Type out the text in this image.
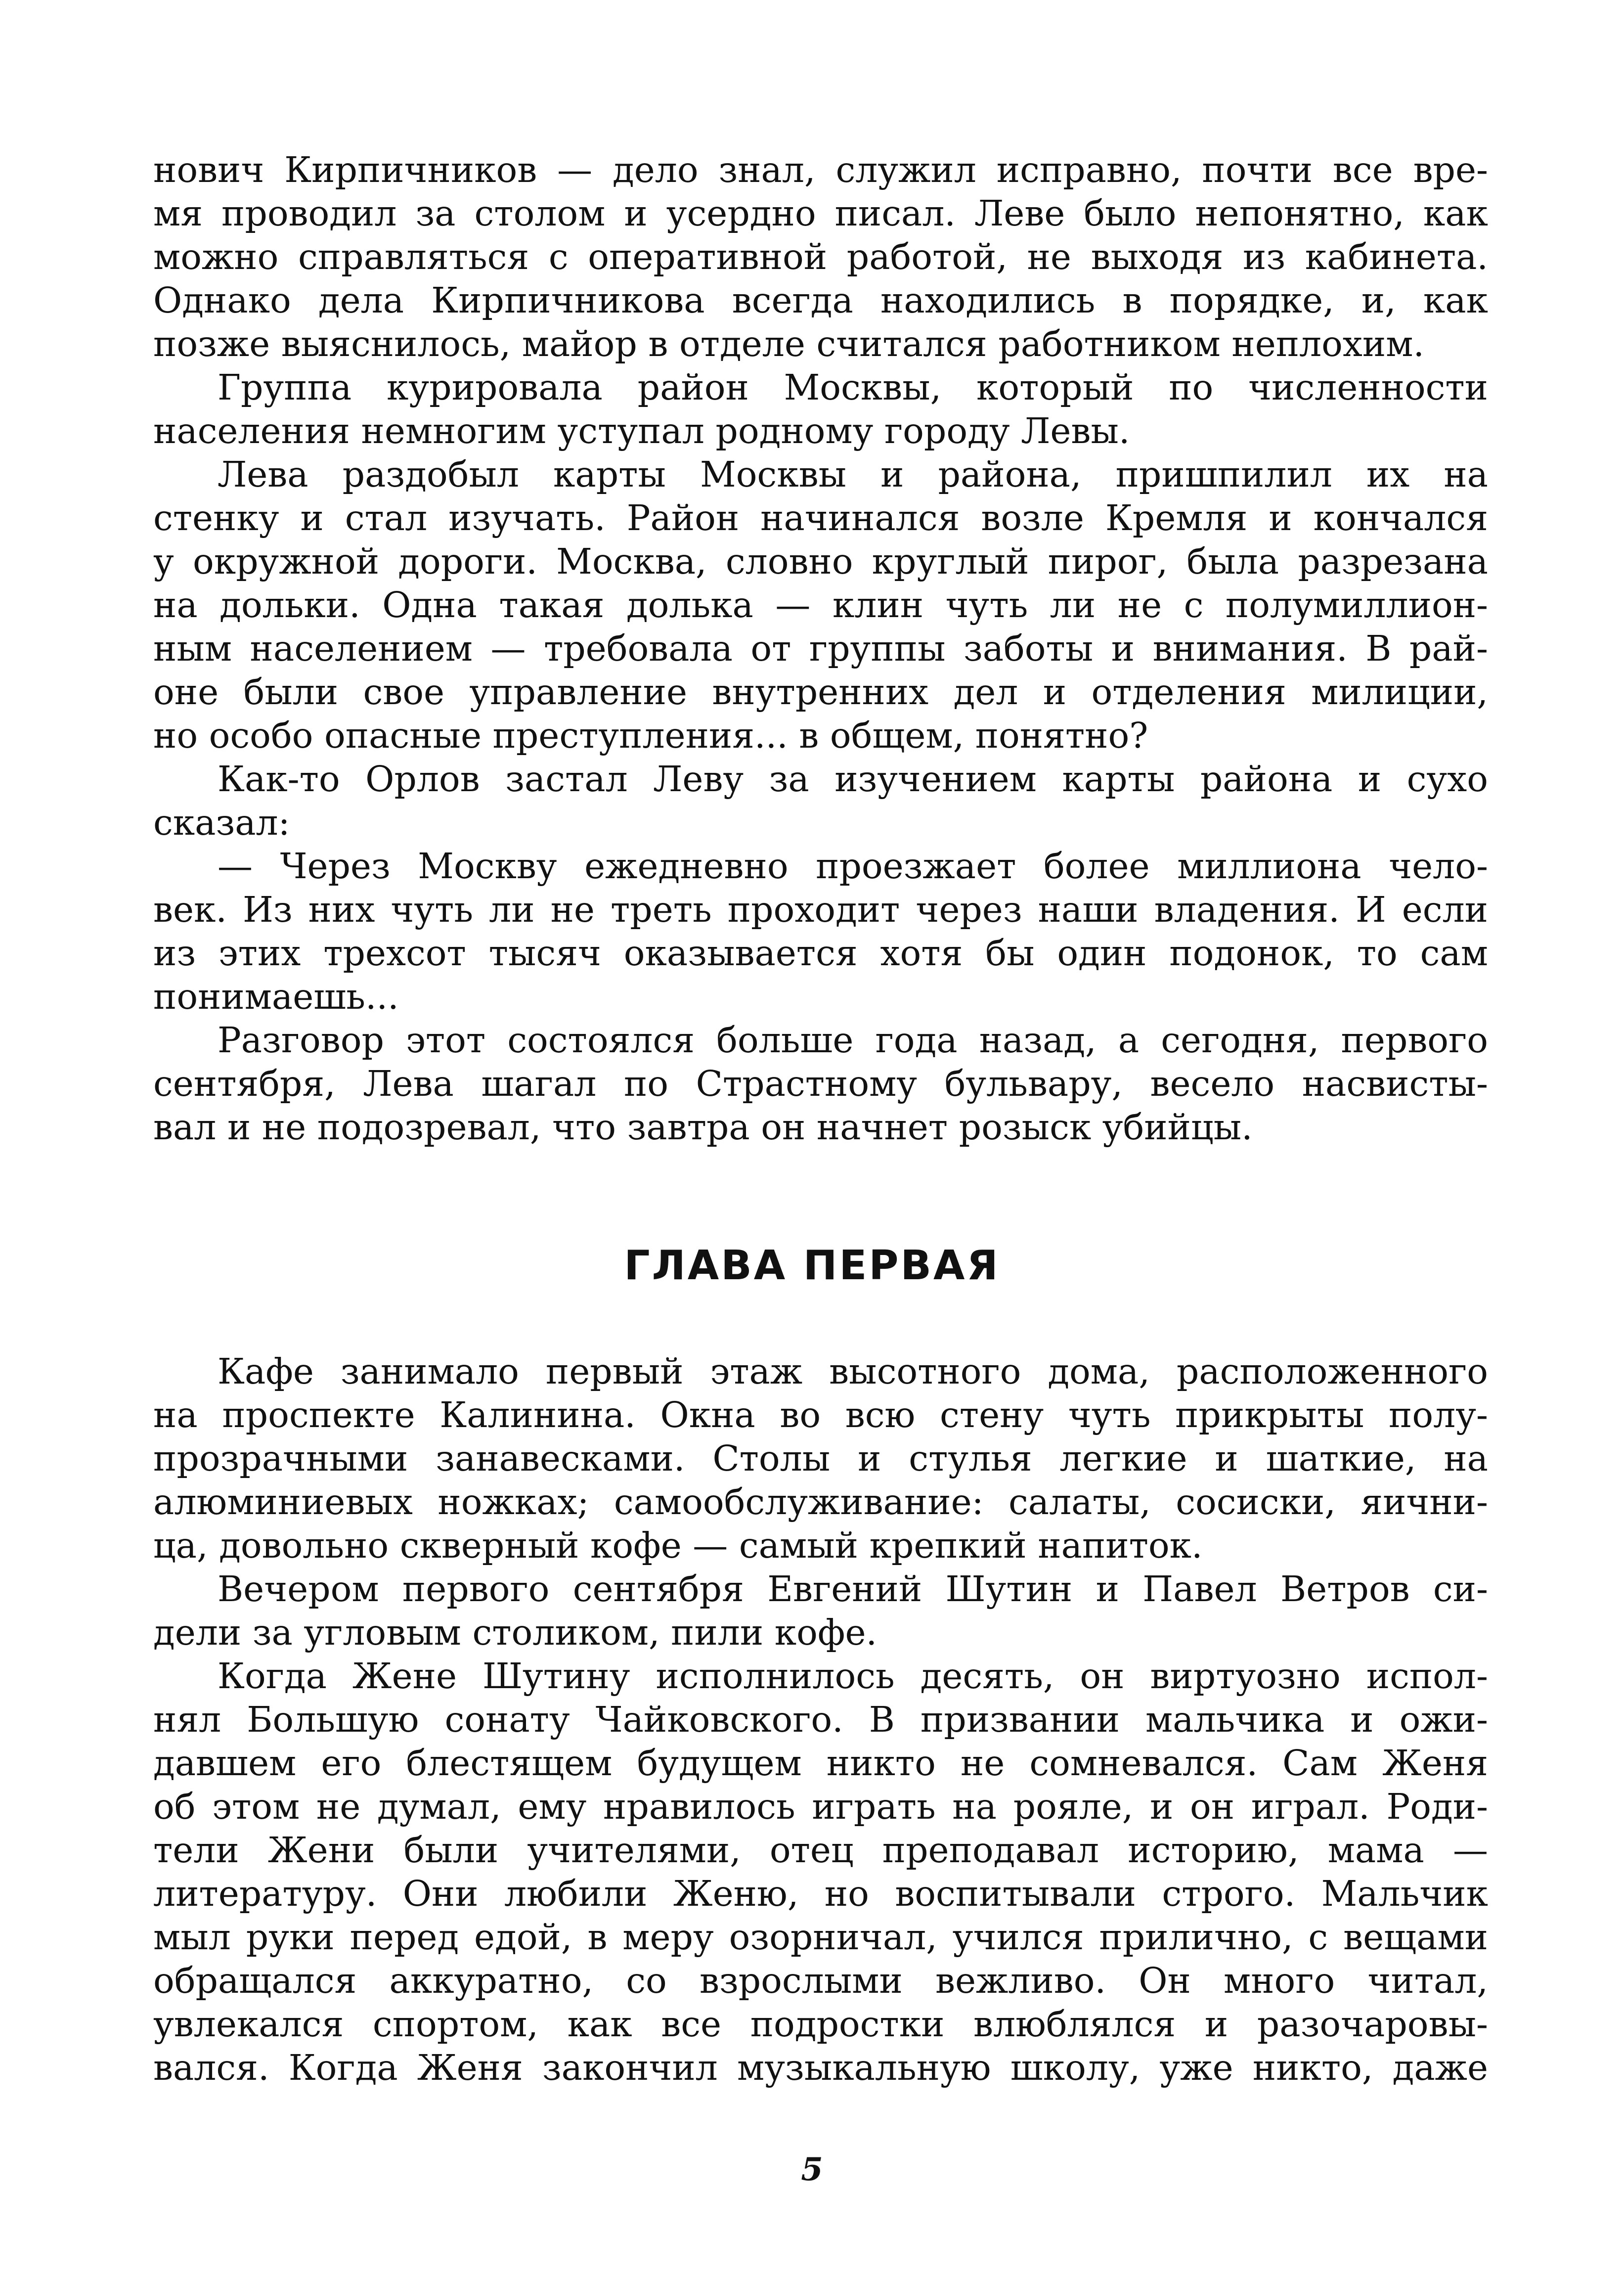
нович Кирпичников — дело знал, служил исправно, почти все вре-
мя проводил за столом и усердно писал. Леве было непонятно, как
можно справляться с оперативной работой, не выходя из кабинета.
Однако дела Кирпичникова всегда находились в порядке, и, как
позже выяснилось, майор в отделе считался работником неплохим.
Группа курировала район Москвы, который по численности
населения немногим уступал родному городу Левы.
Лева раздобыл карты Москвы и района, пришпилил их на
стенку и стал изучать. Район начинался возле Кремля и кончался
у окружной дороги. Москва, словно круглый пирог, была разрезана
на дольки. Одна такая долька — клин чуть ли не с полумиллион-
ным населением — требовала от группы заботы и внимания. В рай-
оне были свое управление внутренних дел и отделения милиции,
но особо опасные преступления... в общем, понятно?
Как-то Орлов застал Леву за изучением карты района и сухо
сказал:
— Через Москву ежедневно проезжает более миллиона чело-
век. Из них чуть ли не треть проходит через наши владения. И если
из этих трехсот тысяч оказывается хотя бы один подонок, то сам
понимаешь...
Разговор этот состоялся больше года назад, а сегодня, первого
сентября, Лева шагал по Страстному бульвару, весело насвисты-
вал и не подозревал, что завтра он начнет розыск убийцы.
ГЛАВА ПЕРВАЯ
Кафе занимало первый этаж высотного дома, расположенного
на проспекте Калинина. Окна во всю стену чуть прикрыты полу-
прозрачными занавесками. Столы и стулья легкие и шаткие, на
алюминиевых ножках; самообслуживание: салаты, сосиски, яични-
ца, довольно скверный кофе — самый крепкий напиток.
Вечером первого сентября Евгений Шутин и Павел Ветров си-
дели за угловым столиком, пили кофе.
Когда Жене Шутину исполнилось десять, он виртуозно испол-
нял Большую сонату Чайковского. В призвании мальчика и ожи-
давшем его блестящем будущем никто не сомневался. Сам Женя
об этом не думал, ему нравилось играть на рояле, и он играл. Роди-
тели Жени были учителями, отец преподавал историю, мама —
литературу. Они любили Женю, но воспитывали строго. Мальчик
мыл руки перед едой, в меру озорничал, учился прилично, с вещами
обращался аккуратно, со взрослыми вежливо. Он много читал,
увлекался спортом, как все подростки влюблялся и разочаровы-
вался. Когда Женя закончил музыкальную школу, уже никто, даже
5
